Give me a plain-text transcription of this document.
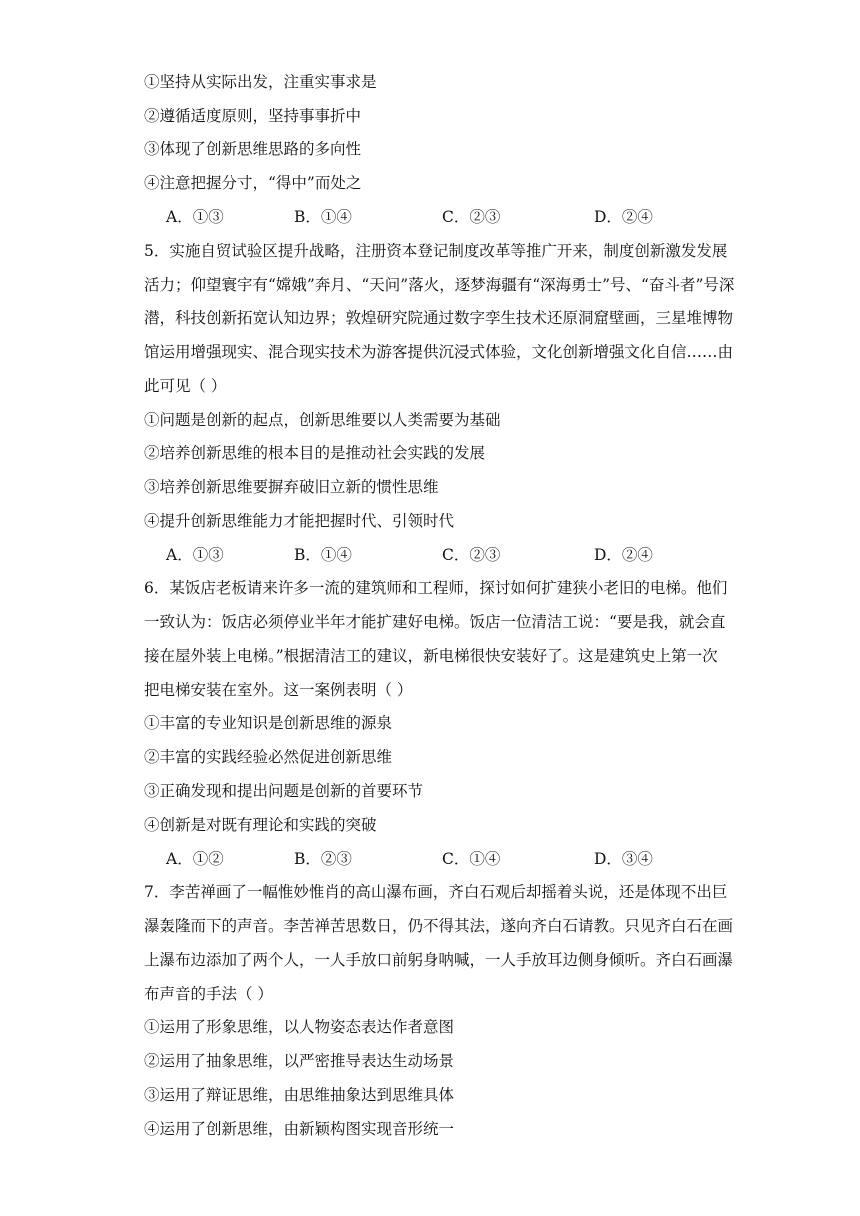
①坚持从实际出发，注重实事求是
②遵循适度原则，坚持事事折中
③体现了创新思维思路的多向性
④注意把握分寸，“得中”而处之
A．①③	B．①④	C．②③	D．②④
5．实施自贸试验区提升战略，注册资本登记制度改革等推广开来，制度创新激发发展
活力；仰望寰宇有“嫦娥”奔月、“天问”落火，逐梦海疆有“深海勇士”号、“奋斗者”号深
潜，科技创新拓宽认知边界；敦煌研究院通过数字孪生技术还原洞窟壁画，三星堆博物
馆运用增强现实、混合现实技术为游客提供沉浸式体验，文化创新增强文化自信……由
此可见（ ）
①问题是创新的起点，创新思维要以人类需要为基础
②培养创新思维的根本目的是推动社会实践的发展
③培养创新思维要摒弃破旧立新的惯性思维
④提升创新思维能力才能把握时代、引领时代
A．①③	B．①④	C．②③	D．②④
6．某饭店老板请来许多一流的建筑师和工程师，探讨如何扩建狭小老旧的电梯。他们
一致认为：饭店必须停业半年才能扩建好电梯。饭店一位清洁工说：“要是我，就会直
接在屋外装上电梯。”根据清洁工的建议，新电梯很快安装好了。这是建筑史上第一次
把电梯安装在室外。这一案例表明（ ）
①丰富的专业知识是创新思维的源泉
②丰富的实践经验必然促进创新思维
③正确发现和提出问题是创新的首要环节
④创新是对既有理论和实践的突破
A．①②	B．②③	C．①④	D．③④
7．李苦禅画了一幅惟妙惟肖的高山瀑布画，齐白石观后却摇着头说，还是体现不出巨
瀑轰隆而下的声音。李苦禅苦思数日，仍不得其法，遂向齐白石请教。只见齐白石在画
上瀑布边添加了两个人，一人手放口前躬身呐喊，一人手放耳边侧身倾听。齐白石画瀑
布声音的手法（ ）
①运用了形象思维，以人物姿态表达作者意图
②运用了抽象思维，以严密推导表达生动场景
③运用了辩证思维，由思维抽象达到思维具体
④运用了创新思维，由新颖构图实现音形统一
